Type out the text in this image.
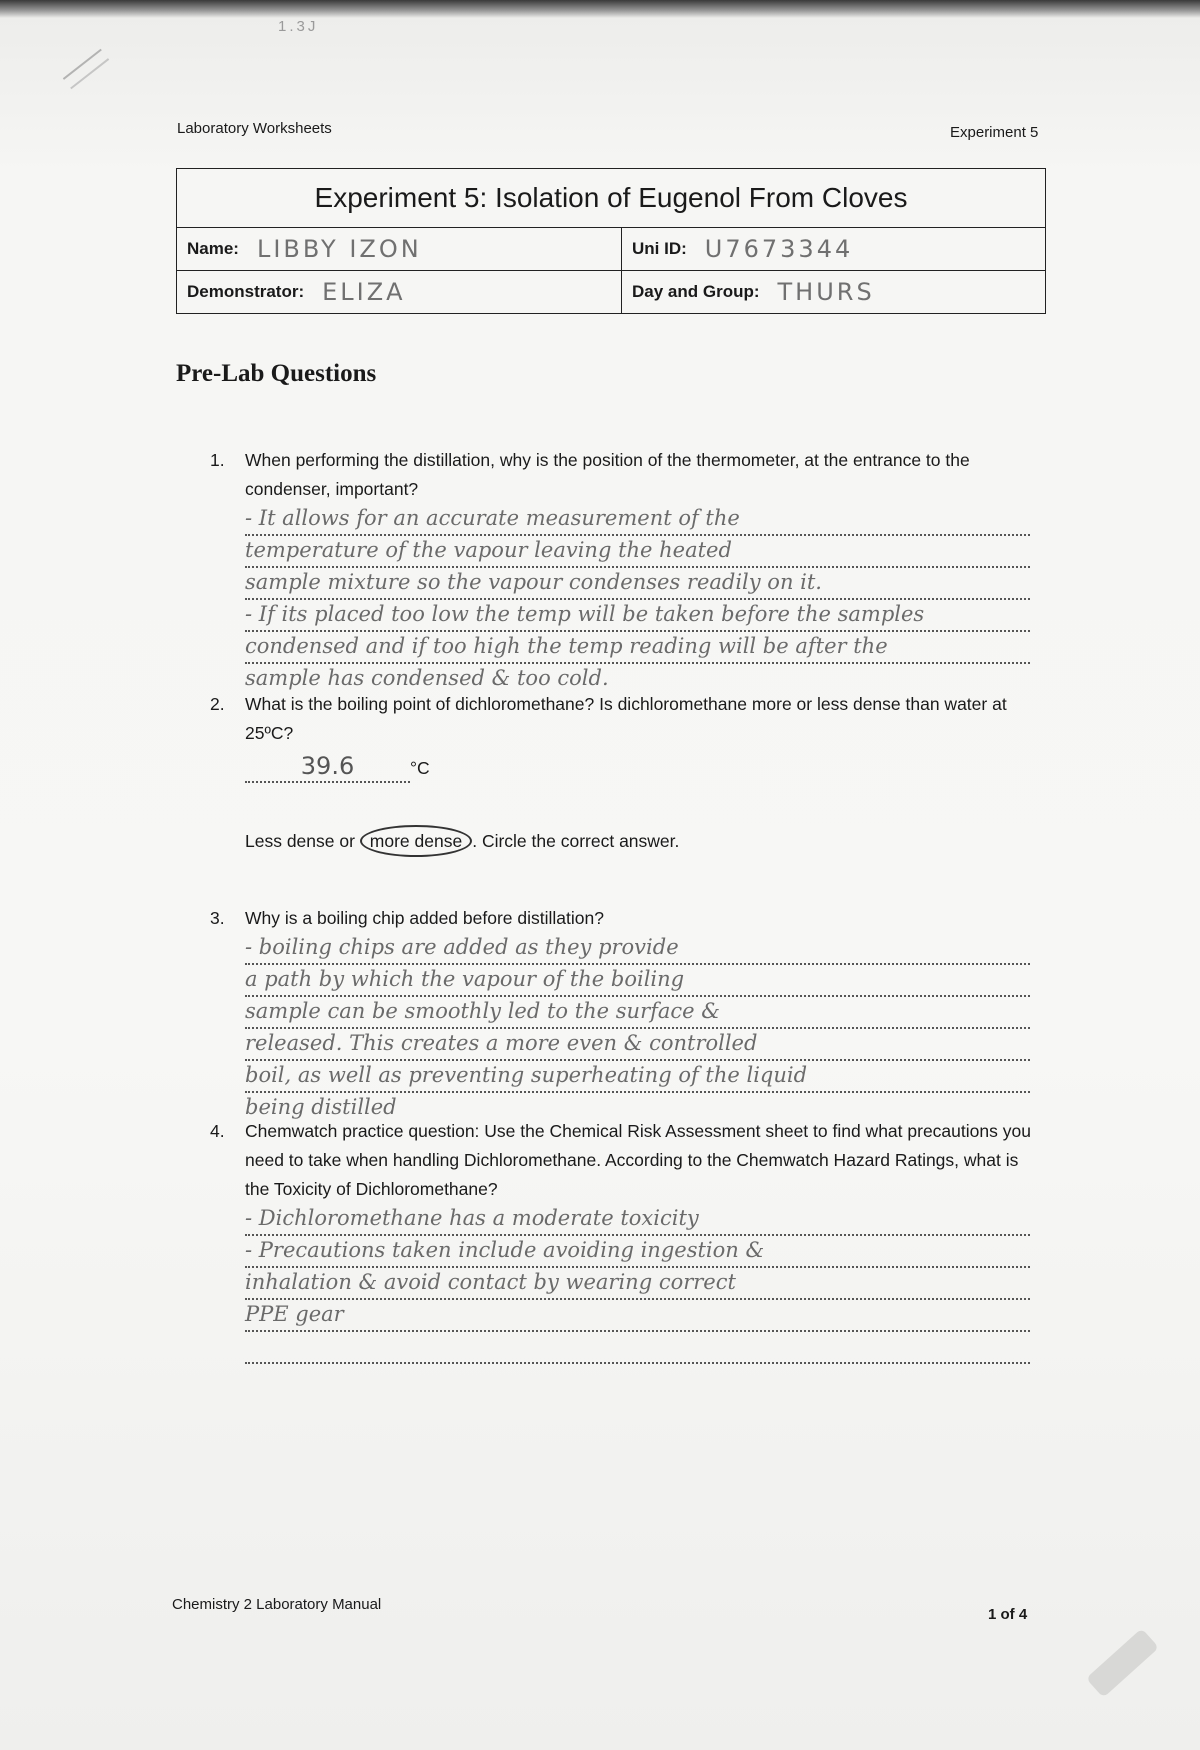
1.3J
Laboratory Worksheets	Experiment 5
Experiment 5: Isolation of Eugenol From Cloves
Name: LIBBY IZON	Uni ID: U7673344
Demonstrator: ELIZA	Day and Group: THURS
Pre-Lab Questions
1. When performing the distillation, why is the position of the thermometer, at the entrance to the condenser, important?
- It allows for an accurate measurement of the
temperature of the vapour leaving the heated
sample mixture so the vapour condenses readily on it.
- If its placed too low the temp will be taken before the samples
condensed and if too high the temp reading will be after the
sample has condensed & too cold.
2. What is the boiling point of dichloromethane? Is dichloromethane more or less dense than water at 25ºC?
39.6	°C
Less dense or more dense . Circle the correct answer.
3. Why is a boiling chip added before distillation?
- boiling chips are added as they provide
a path by which the vapour of the boiling
sample can be smoothly led to the surface &
released. This creates a more even & controlled
boil, as well as preventing superheating of the liquid
being distilled
4. Chemwatch practice question: Use the Chemical Risk Assessment sheet to find what precautions you need to take when handling Dichloromethane. According to the Chemwatch Hazard Ratings, what is the Toxicity of Dichloromethane?
- Dichloromethane has a moderate toxicity
- Precautions taken include avoiding ingestion &
inhalation & avoid contact by wearing correct
PPE gear
Chemistry 2 Laboratory Manual
1 of 4
